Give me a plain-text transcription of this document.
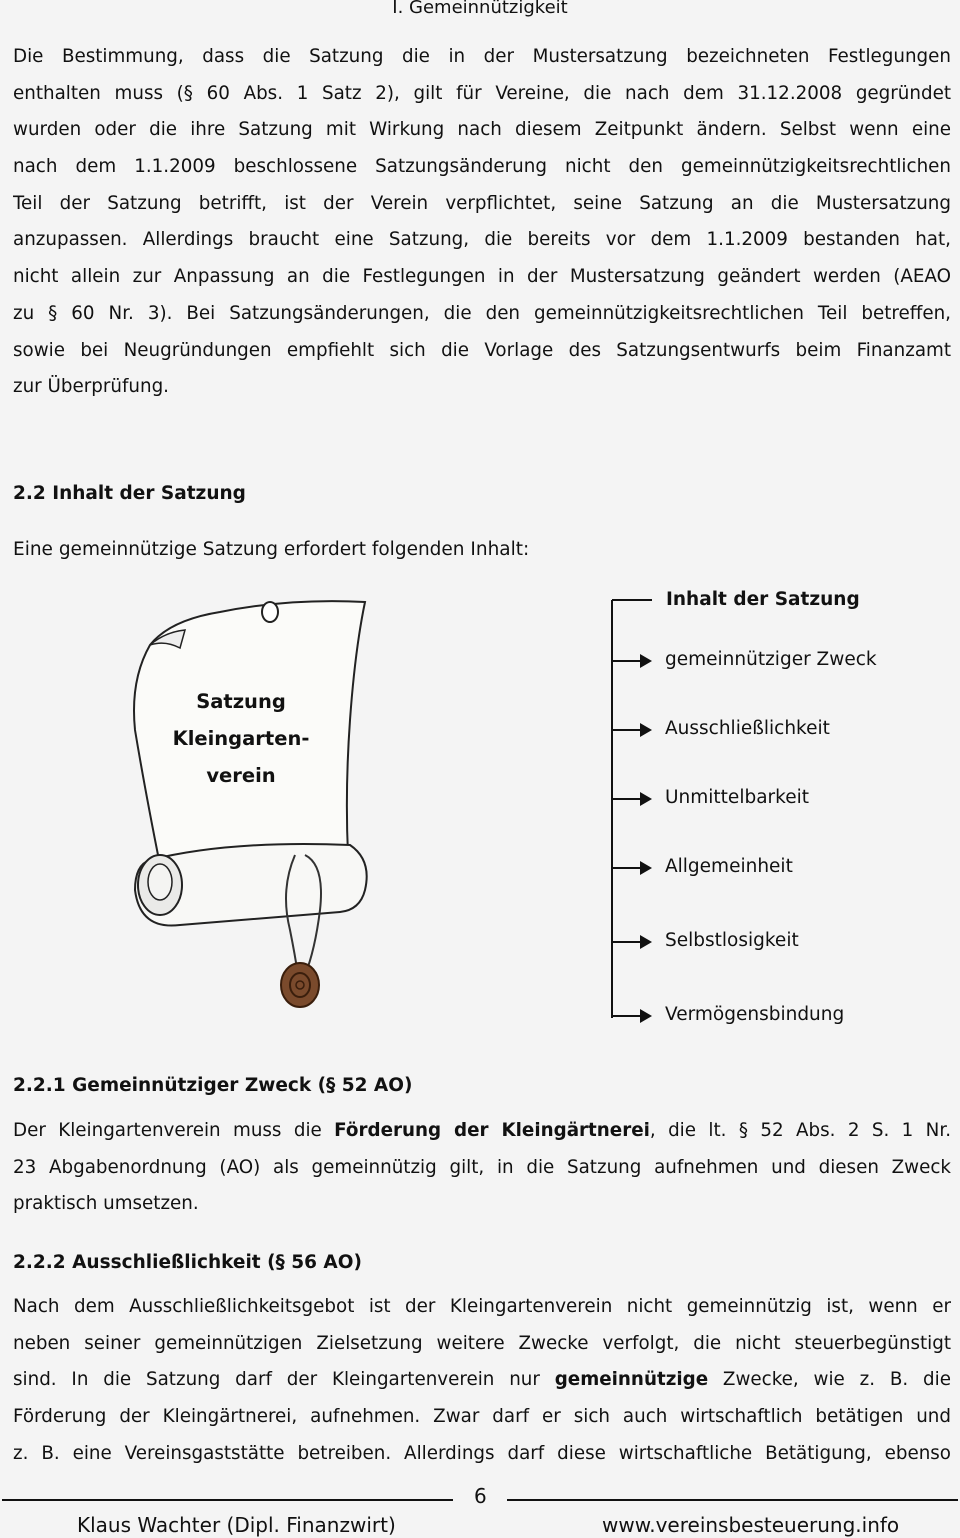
I. Gemeinnützigkeit
Die Bestimmung, dass die Satzung die in der Mustersatzung bezeichneten Festlegungen
enthalten muss (§ 60 Abs. 1 Satz 2), gilt für Vereine, die nach dem 31.12.2008 gegründet
wurden oder die ihre Satzung mit Wirkung nach diesem Zeitpunkt ändern. Selbst wenn eine
nach dem 1.1.2009 beschlossene Satzungsänderung nicht den gemeinnützigkeitsrechtlichen
Teil der Satzung betrifft, ist der Verein verpflichtet, seine Satzung an die Mustersatzung
anzupassen. Allerdings braucht eine Satzung, die bereits vor dem 1.1.2009 bestanden hat,
nicht allein zur Anpassung an die Festlegungen in der Mustersatzung geändert werden (AEAO
zu § 60 Nr. 3). Bei Satzungsänderungen, die den gemeinnützigkeitsrechtlichen Teil betreffen,
sowie bei Neugründungen empfiehlt sich die Vorlage des Satzungsentwurfs beim Finanzamt
zur Überprüfung.
2.2 Inhalt der Satzung
Eine gemeinnützige Satzung erfordert folgenden Inhalt:
Satzung
Kleingarten-
verein
Inhalt der Satzung
gemeinnütziger Zweck
Ausschließlichkeit
Unmittelbarkeit
Allgemeinheit
Selbstlosigkeit
Vermögensbindung
2.2.1 Gemeinnütziger Zweck (§ 52 AO)
Der Kleingartenverein muss die Förderung der Kleingärtnerei, die lt. § 52 Abs. 2 S. 1 Nr.
23 Abgabenordnung (AO) als gemeinnützig gilt, in die Satzung aufnehmen und diesen Zweck
praktisch umsetzen.
2.2.2 Ausschließlichkeit (§ 56 AO)
Nach dem Ausschließlichkeitsgebot ist der Kleingartenverein nicht gemeinnützig ist, wenn er
neben seiner gemeinnützigen Zielsetzung weitere Zwecke verfolgt, die nicht steuerbegünstigt
sind. In die Satzung darf der Kleingartenverein nur gemeinnützige Zwecke, wie z. B. die
Förderung der Kleingärtnerei, aufnehmen. Zwar darf er sich auch wirtschaftlich betätigen und
z. B. eine Vereinsgaststätte betreiben. Allerdings darf diese wirtschaftliche Betätigung, ebenso
6
Klaus Wachter (Dipl. Finanzwirt)	www.vereinsbesteuerung.info
